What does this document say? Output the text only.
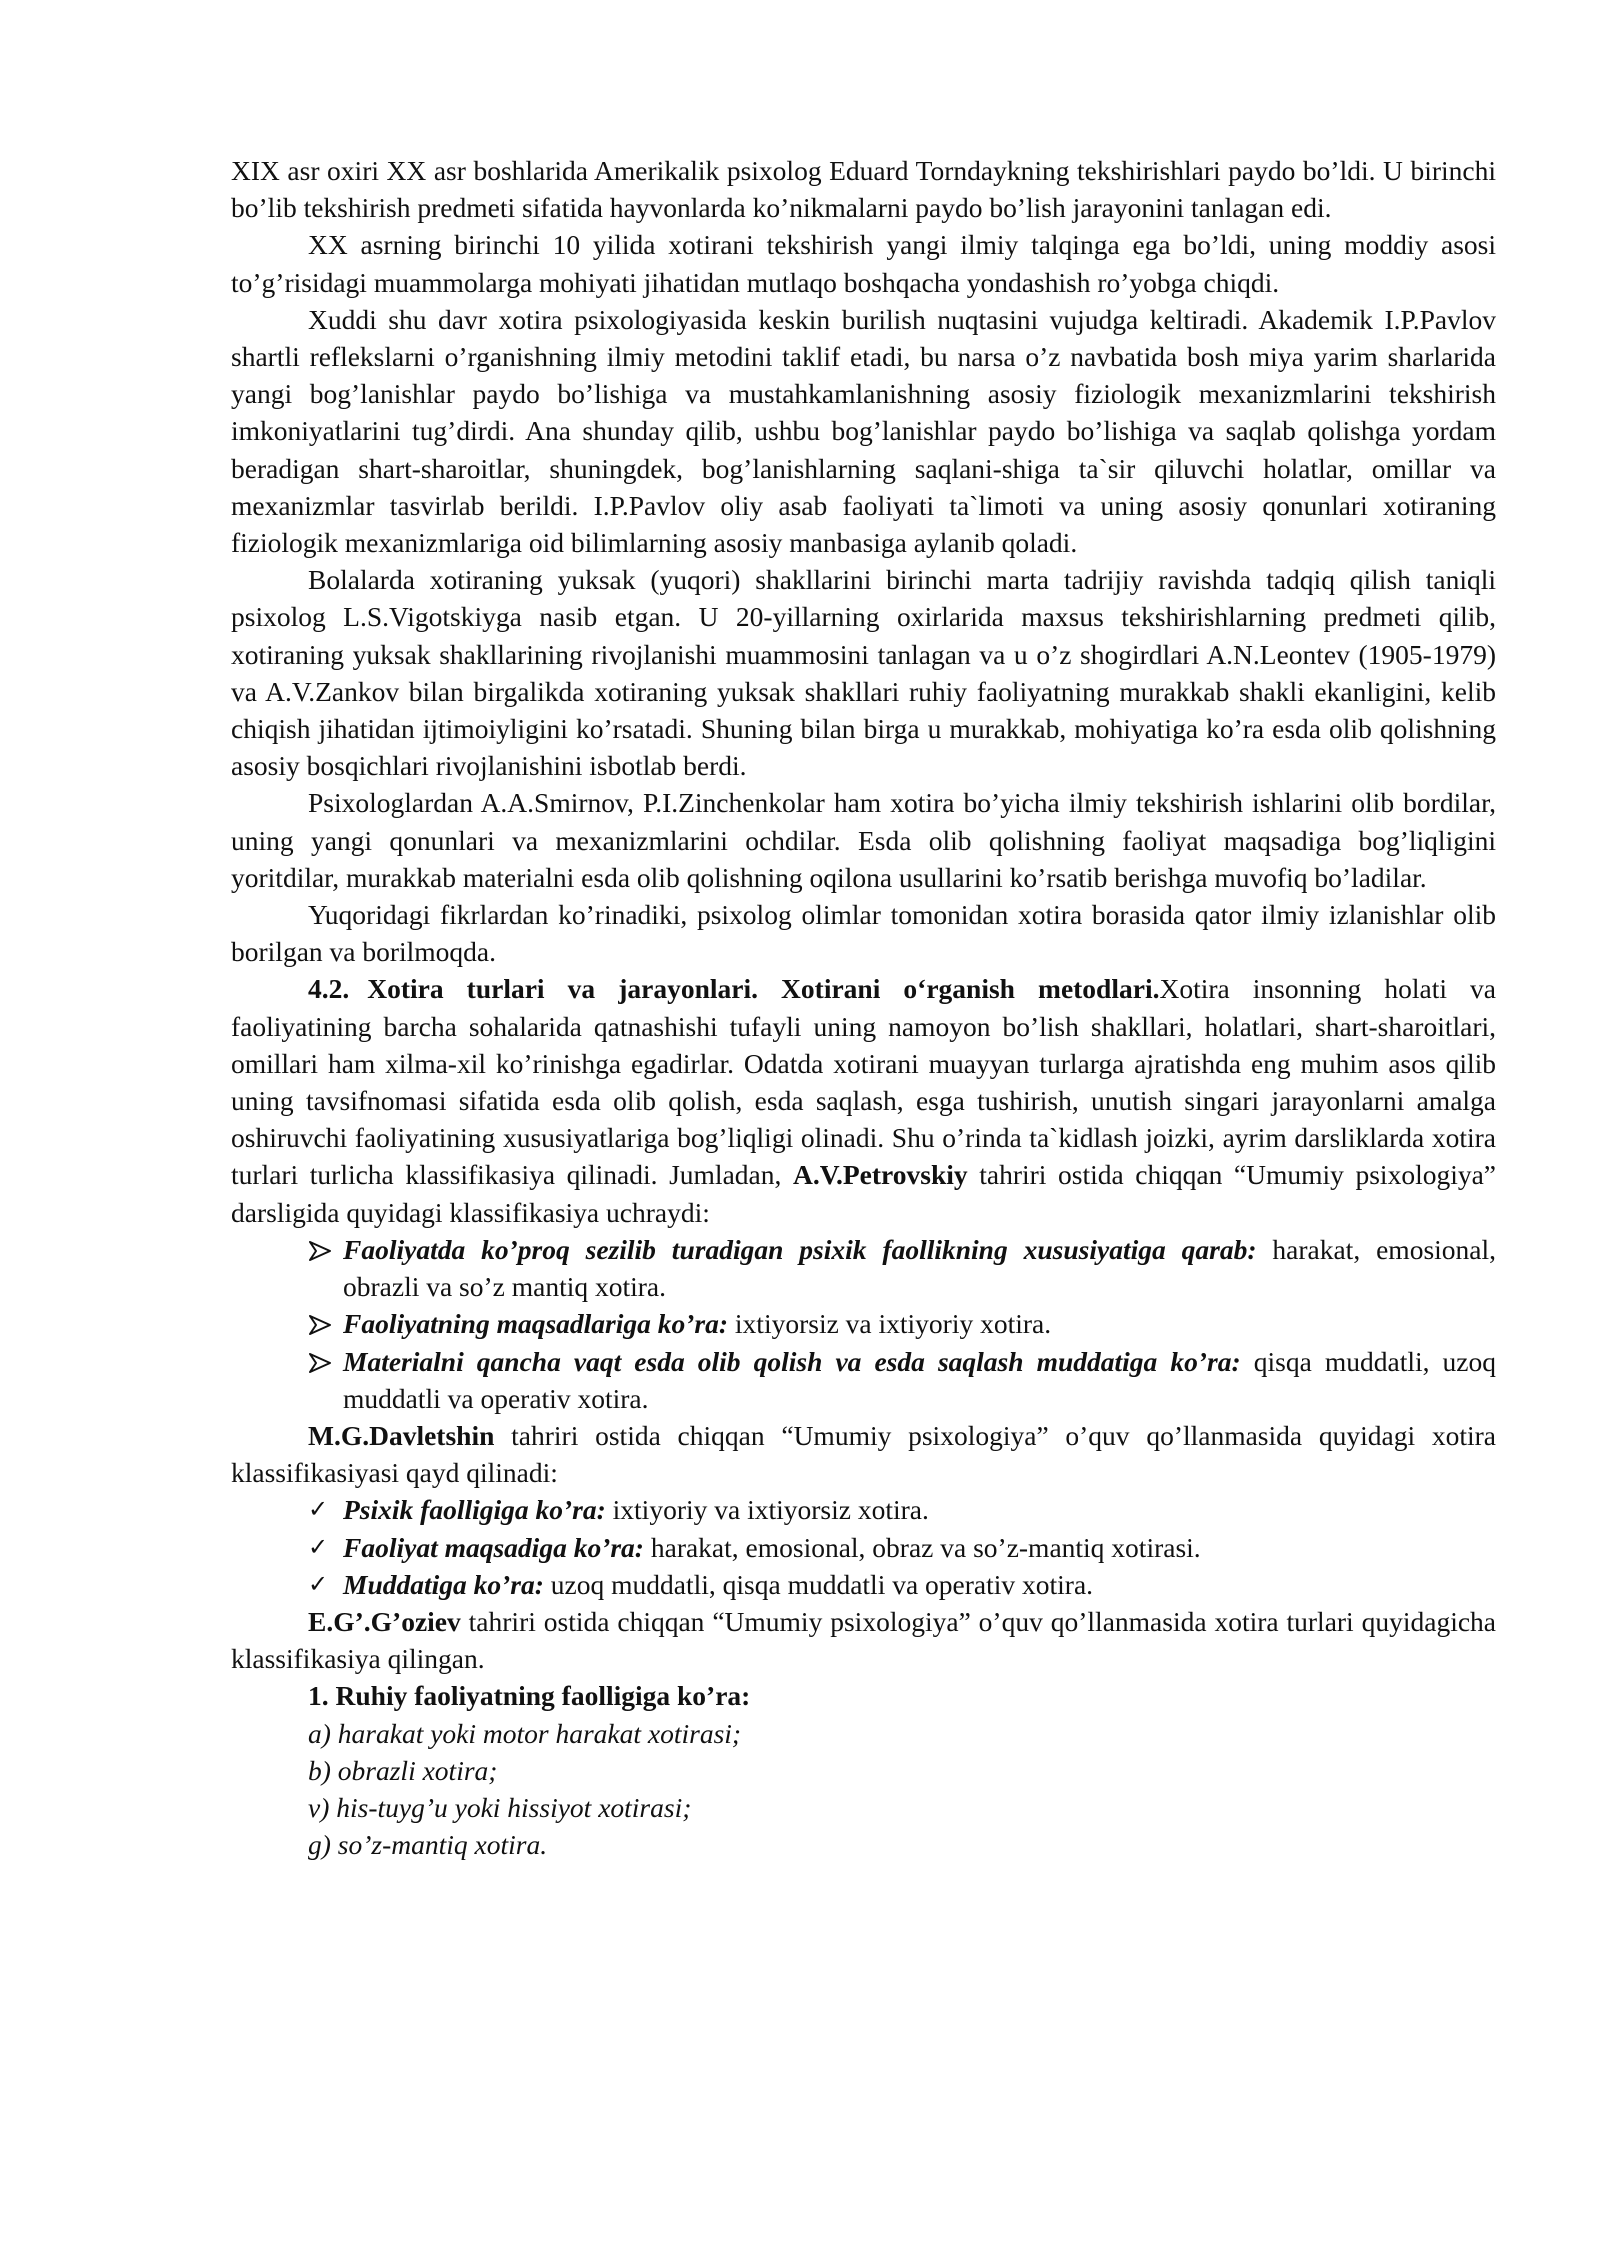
XIX asr oxiri XX asr boshlarida Amerikalik psixolog Eduard Torndaykning tekshirishlari paydo bo’ldi. U birinchi bo’lib tekshirish predmeti sifatida hayvonlarda ko’nikmalarni paydo bo’lish jarayonini tanlagan edi.

XX asrning birinchi 10 yilida xotirani tekshirish yangi ilmiy talqinga ega bo’ldi, uning moddiy asosi to’g’risidagi muammolarga mohiyati jihatidan mutlaqo boshqacha yondashish ro’yobga chiqdi.

Xuddi shu davr xotira psixologiyasida keskin burilish nuqtasini vujudga keltiradi. Akademik I.P.Pavlov shartli reflekslarni o’rganishning ilmiy metodini taklif etadi, bu narsa o’z navbatida bosh miya yarim sharlarida yangi bog’lanishlar paydo bo’lishiga va mustahkamlanishning asosiy fiziologik mexanizmlarini tekshirish imkoniyatlarini tug’dirdi. Ana shunday qilib, ushbu bog’lanishlar paydo bo’lishiga va saqlab qolishga yordam beradigan shart-sharoitlar, shuningdek, bog’lanishlarning saqlani-shiga ta`sir qiluvchi holatlar, omillar va mexanizmlar tasvirlab berildi. I.P.Pavlov oliy asab faoliyati ta`limoti va uning asosiy qonunlari xotiraning fiziologik mexanizmlariga oid bilimlarning asosiy manbasiga aylanib qoladi.

Bolalarda xotiraning yuksak (yuqori) shakllarini birinchi marta tadrijiy ravishda tadqiq qilish taniqli psixolog L.S.Vigotskiyga nasib etgan. U 20-yillarning oxirlarida maxsus tekshirishlarning predmeti qilib, xotiraning yuksak shakllarining rivojlanishi muammosini tanlagan va u o’z shogirdlari A.N.Leontev (1905-1979) va A.V.Zankov bilan birgalikda xotiraning yuksak shakllari ruhiy faoliyatning murakkab shakli ekanligini, kelib chiqish jihatidan ijtimoiyligini ko’rsatadi. Shuning bilan birga u murakkab, mohiyatiga ko’ra esda olib qolishning asosiy bosqichlari rivojlanishini isbotlab berdi.

Psixologlardan A.A.Smirnov, P.I.Zinchenkolar ham xotira bo’yicha ilmiy tekshirish ishlarini olib bordilar, uning yangi qonunlari va mexanizmlarini ochdilar. Esda olib qolishning faoliyat maqsadiga bog’liqligini yoritdilar, murakkab materialni esda olib qolishning oqilona usullarini ko’rsatib berishga muvofiq bo’ladilar.

Yuqoridagi fikrlardan ko’rinadiki, psixolog olimlar tomonidan xotira borasida qator ilmiy izlanishlar olib borilgan va borilmoqda.

4.2. Xotira turlari va jarayonlari. Xotirani o‘rganish metodlari.Xotira insonning holati va faoliyatining barcha sohalarida qatnashishi tufayli uning namoyon bo’lish shakllari, holatlari, shart-sharoitlari, omillari ham xilma-xil ko’rinishga egadirlar. Odatda xotirani muayyan turlarga ajratishda eng muhim asos qilib uning tavsifnomasi sifatida esda olib qolish, esda saqlash, esga tushirish, unutish singari jarayonlarni amalga oshiruvchi faoliyatining xususiyatlariga bog’liqligi olinadi. Shu o’rinda ta`kidlash joizki, ayrim darsliklarda xotira turlari turlicha klassifikasiya qilinadi. Jumladan, A.V.Petrovskiy tahriri ostida chiqqan “Umumiy psixologiya” darsligida quyidagi klassifikasiya uchraydi:

Faoliyatda ko’proq sezilib turadigan psixik faollikning xususiyatiga qarab: harakat, emosional, obrazli va so’z mantiq xotira.
Faoliyatning maqsadlariga ko’ra: ixtiyorsiz va ixtiyoriy xotira.
Materialni qancha vaqt esda olib qolish va esda saqlash muddatiga ko’ra: qisqa muddatli, uzoq muddatli va operativ xotira.

M.G.Davletshin tahriri ostida chiqqan “Umumiy psixologiya” o’quv qo’llanmasida quyidagi xotira klassifikasiyasi qayd qilinadi:

✓ Psixik faolligiga ko’ra: ixtiyoriy va ixtiyorsiz xotira.
✓ Faoliyat maqsadiga ko’ra: harakat, emosional, obraz va so’z-mantiq xotirasi.
✓ Muddatiga ko’ra: uzoq muddatli, qisqa muddatli va operativ xotira.

E.G’.G’oziev tahriri ostida chiqqan “Umumiy psixologiya” o’quv qo’llanmasida xotira turlari quyidagicha klassifikasiya qilingan.

1. Ruhiy faoliyatning faolligiga ko’ra:

a) harakat yoki motor harakat xotirasi;

b) obrazli xotira;

v) his-tuyg’u yoki hissiyot xotirasi;

g) so’z-mantiq xotira.
